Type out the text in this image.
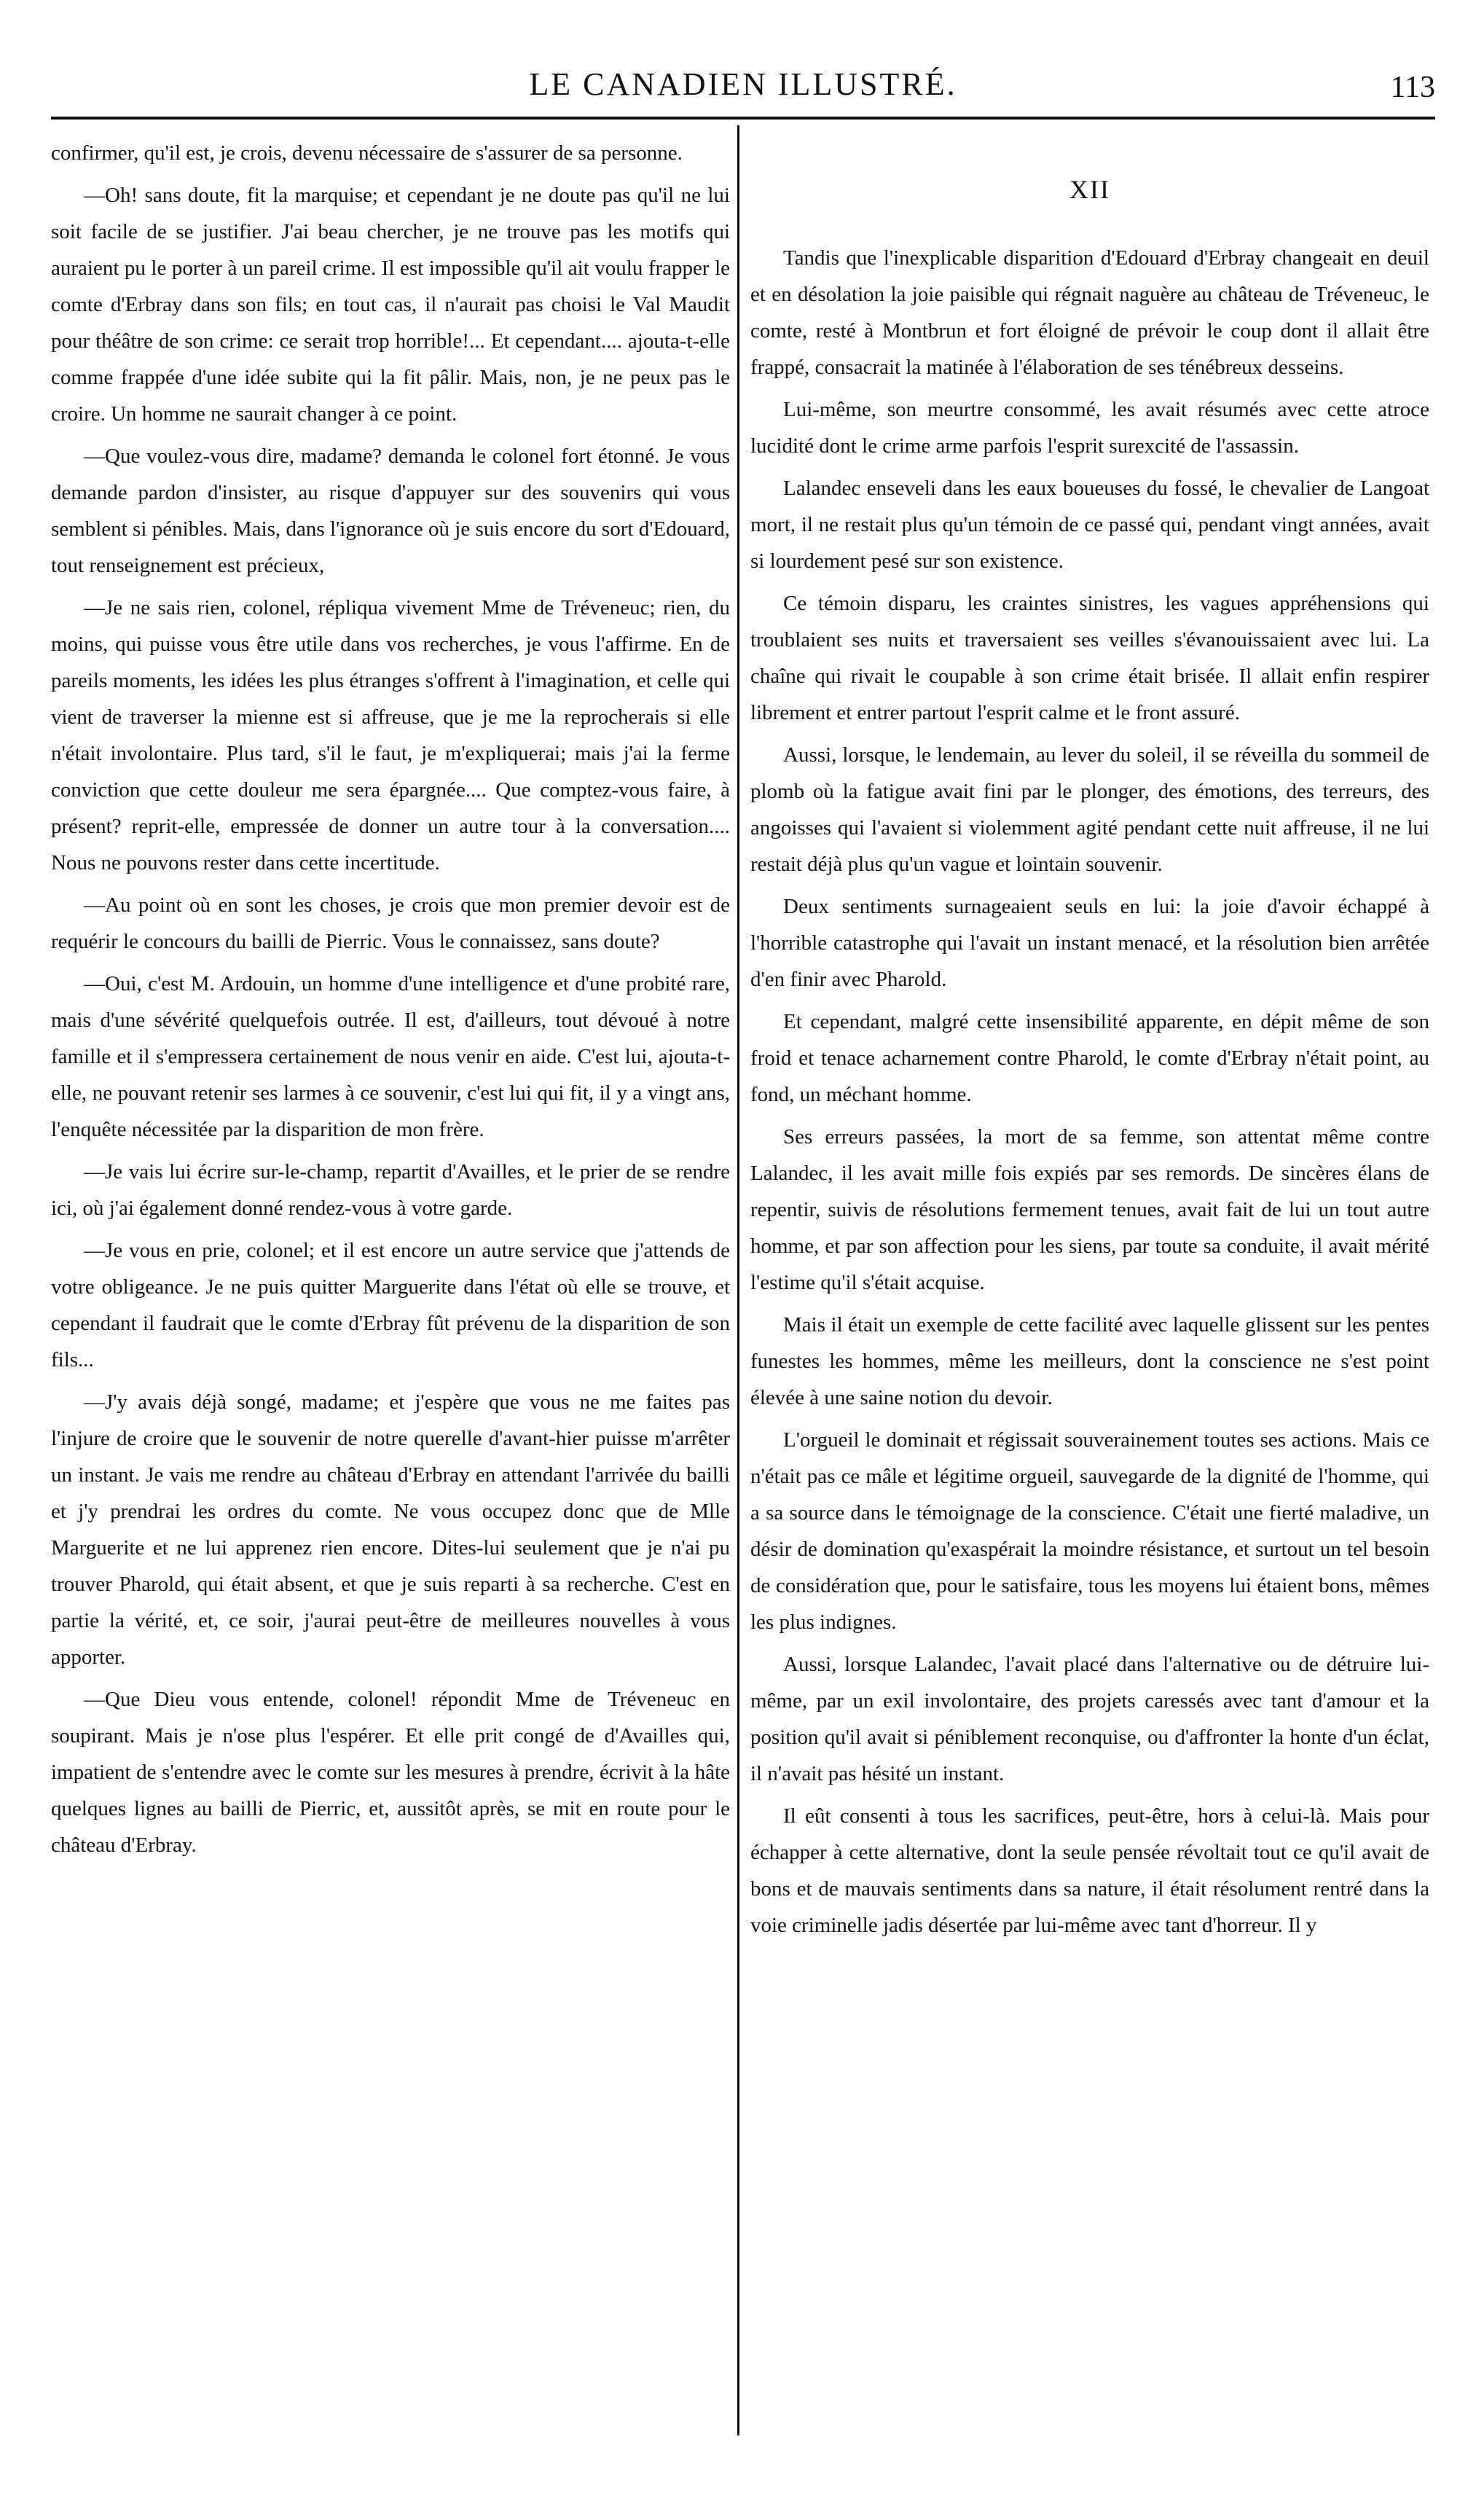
LE CANADIEN ILLUSTRÉ.	113

confirmer, qu'il est, je crois, devenu nécessaire de s'assurer de sa personne.

—Oh! sans doute, fit la marquise; et cependant je ne doute pas qu'il ne lui soit facile de se justifier. J'ai beau chercher, je ne trouve pas les motifs qui auraient pu le porter à un pareil crime. Il est impossible qu'il ait voulu frapper le comte d'Erbray dans son fils; en tout cas, il n'aurait pas choisi le Val Maudit pour théâtre de son crime: ce serait trop horrible!... Et cependant.... ajouta-t-elle comme frappée d'une idée subite qui la fit pâlir. Mais, non, je ne peux pas le croire. Un homme ne saurait changer à ce point.

—Que voulez-vous dire, madame? demanda le colonel fort étonné. Je vous demande pardon d'insister, au risque d'appuyer sur des souvenirs qui vous semblent si pénibles. Mais, dans l'ignorance où je suis encore du sort d'Edouard, tout renseignement est précieux,

—Je ne sais rien, colonel, répliqua vivement Mme de Tréveneuc; rien, du moins, qui puisse vous être utile dans vos recherches, je vous l'affirme. En de pareils moments, les idées les plus étranges s'offrent à l'imagination, et celle qui vient de traverser la mienne est si affreuse, que je me la reprocherais si elle n'était involontaire. Plus tard, s'il le faut, je m'expliquerai; mais j'ai la ferme conviction que cette douleur me sera épargnée.... Que comptez-vous faire, à présent? reprit-elle, empressée de donner un autre tour à la conversation.... Nous ne pouvons rester dans cette incertitude.

—Au point où en sont les choses, je crois que mon premier devoir est de requérir le concours du bailli de Pierric. Vous le connaissez, sans doute?

—Oui, c'est M. Ardouin, un homme d'une intelligence et d'une probité rare, mais d'une sévérité quelquefois outrée. Il est, d'ailleurs, tout dévoué à notre famille et il s'empressera certainement de nous venir en aide. C'est lui, ajouta-t-elle, ne pouvant retenir ses larmes à ce souvenir, c'est lui qui fit, il y a vingt ans, l'enquête nécessitée par la disparition de mon frère.

—Je vais lui écrire sur-le-champ, repartit d'Availles, et le prier de se rendre ici, où j'ai également donné rendez-vous à votre garde.

—Je vous en prie, colonel; et il est encore un autre service que j'attends de votre obligeance. Je ne puis quitter Marguerite dans l'état où elle se trouve, et cependant il faudrait que le comte d'Erbray fût prévenu de la disparition de son fils...

—J'y avais déjà songé, madame; et j'espère que vous ne me faites pas l'injure de croire que le souvenir de notre querelle d'avant-hier puisse m'arrêter un instant. Je vais me rendre au château d'Erbray en attendant l'arrivée du bailli et j'y prendrai les ordres du comte. Ne vous occupez donc que de Mlle Marguerite et ne lui apprenez rien encore. Dites-lui seulement que je n'ai pu trouver Pharold, qui était absent, et que je suis reparti à sa recherche. C'est en partie la vérité, et, ce soir, j'aurai peut-être de meilleures nouvelles à vous apporter.

—Que Dieu vous entende, colonel! répondit Mme de Tréveneuc en soupirant. Mais je n'ose plus l'espérer. Et elle prit congé de d'Availles qui, impatient de s'entendre avec le comte sur les mesures à prendre, écrivit à la hâte quelques lignes au bailli de Pierric, et, aussitôt après, se mit en route pour le château d'Erbray.

XII

Tandis que l'inexplicable disparition d'Edouard d'Erbray changeait en deuil et en désolation la joie paisible qui régnait naguère au château de Tréveneuc, le comte, resté à Montbrun et fort éloigné de prévoir le coup dont il allait être frappé, consacrait la matinée à l'élaboration de ses ténébreux desseins.

Lui-même, son meurtre consommé, les avait résumés avec cette atroce lucidité dont le crime arme parfois l'esprit surexcité de l'assassin.

Lalandec enseveli dans les eaux boueuses du fossé, le chevalier de Langoat mort, il ne restait plus qu'un témoin de ce passé qui, pendant vingt années, avait si lourdement pesé sur son existence.

Ce témoin disparu, les craintes sinistres, les vagues appréhensions qui troublaient ses nuits et traversaient ses veilles s'évanouissaient avec lui. La chaîne qui rivait le coupable à son crime était brisée. Il allait enfin respirer librement et entrer partout l'esprit calme et le front assuré.

Aussi, lorsque, le lendemain, au lever du soleil, il se réveilla du sommeil de plomb où la fatigue avait fini par le plonger, des émotions, des terreurs, des angoisses qui l'avaient si violemment agité pendant cette nuit affreuse, il ne lui restait déjà plus qu'un vague et lointain souvenir.

Deux sentiments surnageaient seuls en lui: la joie d'avoir échappé à l'horrible catastrophe qui l'avait un instant menacé, et la résolution bien arrêtée d'en finir avec Pharold.

Et cependant, malgré cette insensibilité apparente, en dépit même de son froid et tenace acharnement contre Pharold, le comte d'Erbray n'était point, au fond, un méchant homme.

Ses erreurs passées, la mort de sa femme, son attentat même contre Lalandec, il les avait mille fois expiés par ses remords. De sincères élans de repentir, suivis de résolutions fermement tenues, avait fait de lui un tout autre homme, et par son affection pour les siens, par toute sa conduite, il avait mérité l'estime qu'il s'était acquise.

Mais il était un exemple de cette facilité avec laquelle glissent sur les pentes funestes les hommes, même les meilleurs, dont la conscience ne s'est point élevée à une saine notion du devoir.

L'orgueil le dominait et régissait souverainement toutes ses actions. Mais ce n'était pas ce mâle et légitime orgueil, sauvegarde de la dignité de l'homme, qui a sa source dans le témoignage de la conscience. C'était une fierté maladive, un désir de domination qu'exaspérait la moindre résistance, et surtout un tel besoin de considération que, pour le satisfaire, tous les moyens lui étaient bons, mêmes les plus indignes.

Aussi, lorsque Lalandec, l'avait placé dans l'alternative ou de détruire lui-même, par un exil involontaire, des projets caressés avec tant d'amour et la position qu'il avait si péniblement reconquise, ou d'affronter la honte d'un éclat, il n'avait pas hésité un instant.

Il eût consenti à tous les sacrifices, peut-être, hors à celui-là. Mais pour échapper à cette alternative, dont la seule pensée révoltait tout ce qu'il avait de bons et de mauvais sentiments dans sa nature, il était résolument rentré dans la voie criminelle jadis désertée par lui-même avec tant d'horreur. Il y
